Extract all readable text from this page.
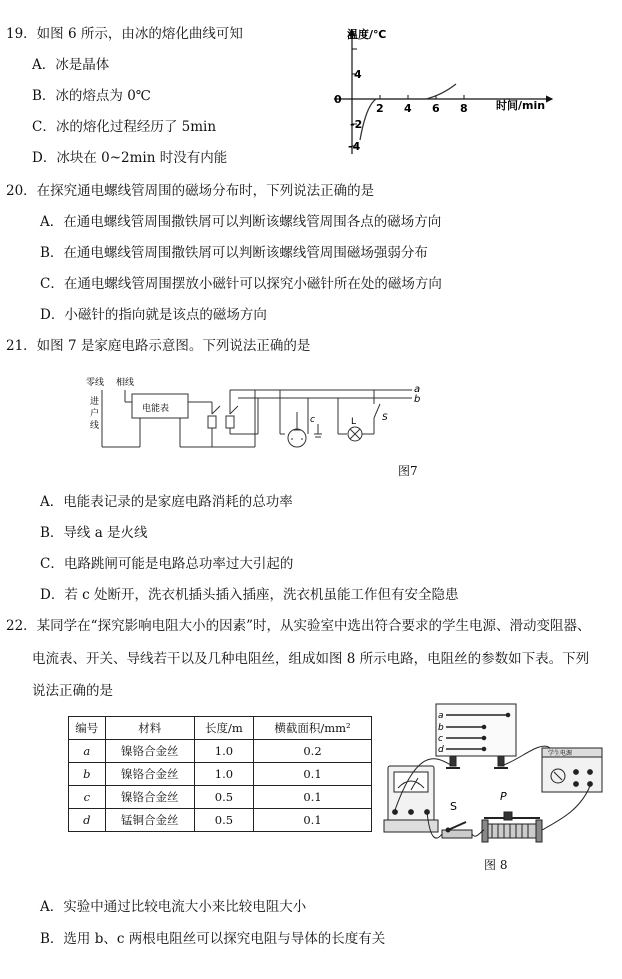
19．如图 6 所示，由冰的熔化曲线可知
A．冰是晶体
B．冰的熔点为 0℃
C．冰的熔化过程经历了 5min
D．冰块在 0~2min 时没有内能
温度/℃
时间/min
0
4
-2
-4
2 4 6 8
20．在探究通电螺线管周围的磁场分布时，下列说法正确的是
A．在通电螺线管周围撒铁屑可以判断该螺线管周围各点的磁场方向
B．在通电螺线管周围撒铁屑可以判断该螺线管周围磁场强弱分布
C．在通电螺线管周围摆放小磁针可以探究小磁针所在处的磁场方向
D．小磁针的指向就是该点的磁场方向
21．如图 7 是家庭电路示意图。下列说法正确的是
零线 相线
进
户
线
电能表
a
b
c	L	S
图7
A．电能表记录的是家庭电路消耗的总功率
B．导线 a 是火线
C．电路跳闸可能是电路总功率过大引起的
D．若 c 处断开，洗衣机插头插入插座，洗衣机虽能工作但有安全隐患
22．某同学在“探究影响电阻大小的因素”时，从实验室中选出符合要求的学生电源、滑动变阻器、
电流表、开关、导线若干以及几种电阻丝，组成如图 8 所示电路，电阻丝的参数如下表。下列
说法正确的是
编号	材料	长度/m	横截面积/mm²
a	镍铬合金丝	1.0	0.2
b	镍铬合金丝	1.0	0.1
c	镍铬合金丝	0.5	0.1
d	锰铜合金丝	0.5	0.1
a
b
c
d	学生电源
S
P
图 8
A．实验中通过比较电流大小来比较电阻大小
B．选用 b、c 两根电阻丝可以探究电阻与导体的长度有关
